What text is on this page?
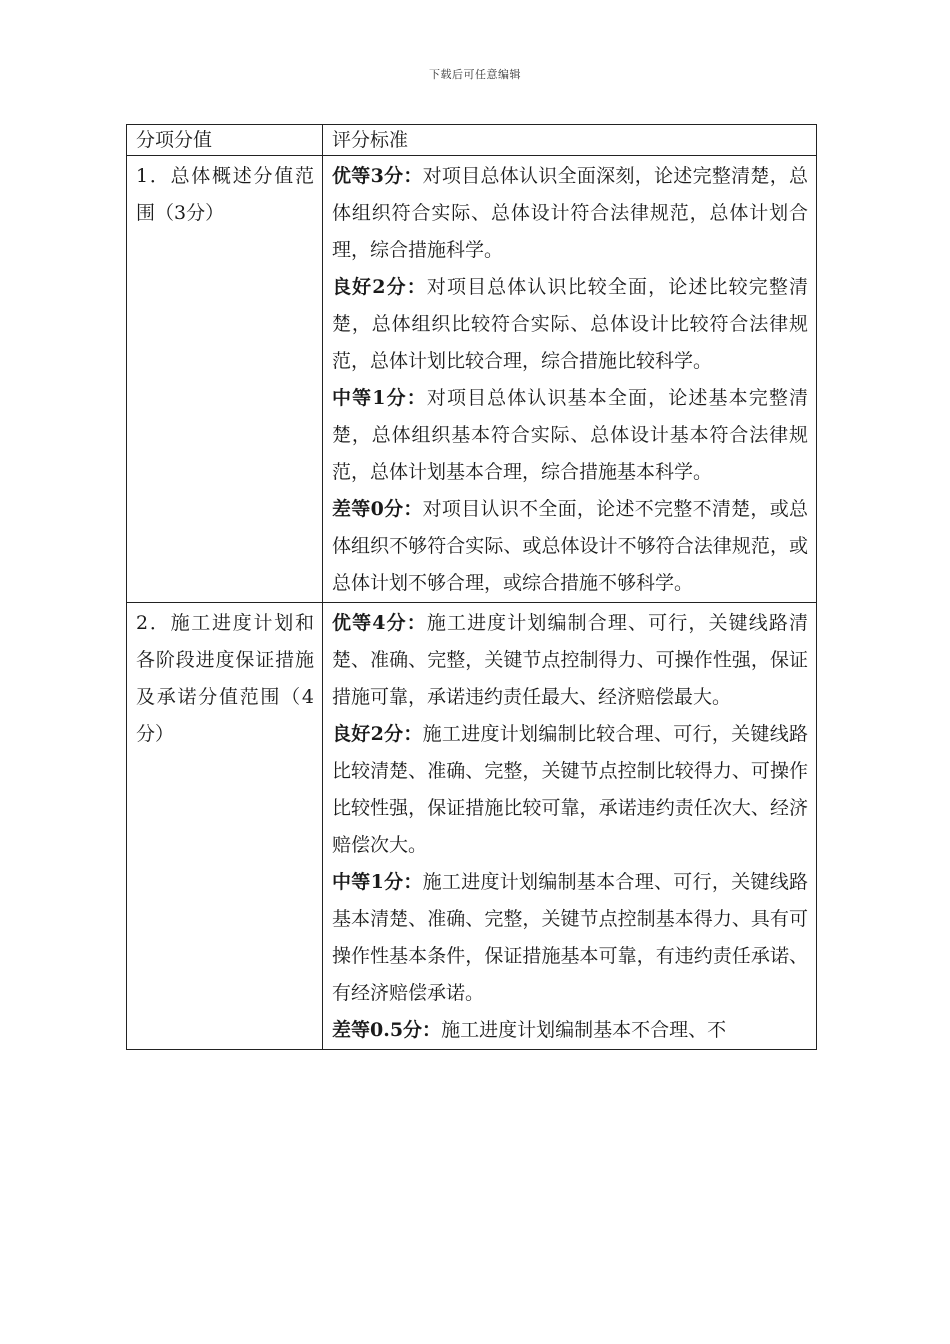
下载后可任意编辑
分项分值	评分标准

1．总体概述分值范围（3分）	优等3分：对项目总体认识全面深刻，论述完整清楚，总体组织符合实际、总体设计符合法律规范，总体计划合理，综合措施科学。
良好2分：对项目总体认识比较全面，论述比较完整清楚，总体组织比较符合实际、总体设计比较符合法律规范，总体计划比较合理，综合措施比较科学。
中等1分：对项目总体认识基本全面，论述基本完整清楚，总体组织基本符合实际、总体设计基本符合法律规范，总体计划基本合理，综合措施基本科学。
差等0分：对项目认识不全面，论述不完整不清楚，或总体组织不够符合实际、或总体设计不够符合法律规范，或总体计划不够合理，或综合措施不够科学。

2．施工进度计划和各阶段进度保证措施及承诺分值范围（4分）	优等4分：施工进度计划编制合理、可行，关键线路清楚、准确、完整，关键节点控制得力、可操作性强，保证措施可靠，承诺违约责任最大、经济赔偿最大。
良好2分：施工进度计划编制比较合理、可行，关键线路比较清楚、准确、完整，关键节点控制比较得力、可操作比较性强，保证措施比较可靠，承诺违约责任次大、经济赔偿次大。
中等1分：施工进度计划编制基本合理、可行，关键线路基本清楚、准确、完整，关键节点控制基本得力、具有可操作性基本条件，保证措施基本可靠，有违约责任承诺、有经济赔偿承诺。
差等0.5分：施工进度计划编制基本不合理、不
